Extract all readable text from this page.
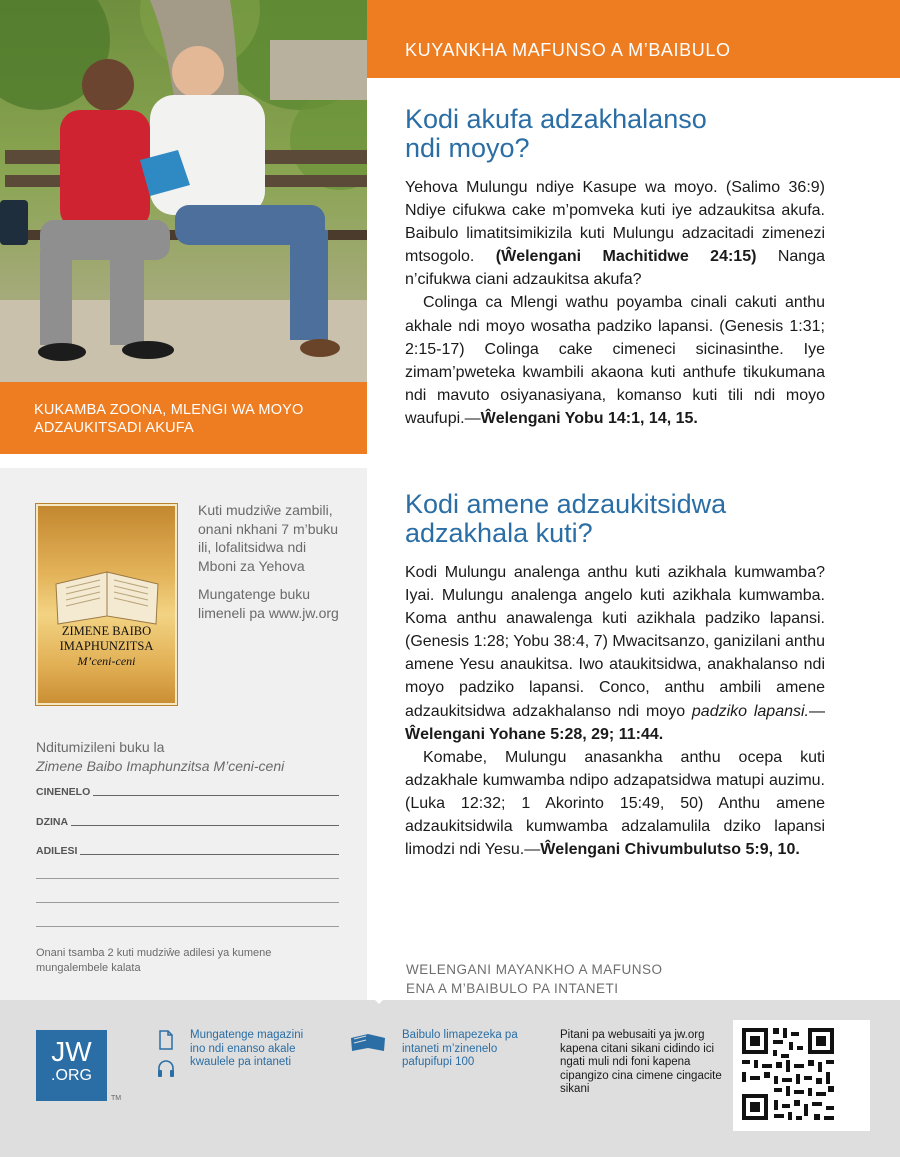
KUKAMBA ZOONA, MLENGI WA MOYO ADZAUKITSADI AKUFA
ZIMENE BAIBO
IMAPHUNZITSA
M’ceni-ceni

Kuti mudziŵe zambili, onani nkhani 7 m’buku ili, lofalitsidwa ndi Mboni za Yehova

Mungatenge buku limeneli pa www.jw.org

Nditumizileni buku la
Zimene Baibo Imaphunzitsa M’ceni-ceni
CINENELO
DZINA
ADILESI
Onani tsamba 2 kuti mudziŵe adilesi ya kumene mungalembele kalata
KUYANKHA MAFUNSO A M’BAIBULO
Kodi akufa adzakhalanso ndi moyo?

Yehova Mulungu ndiye Kasupe wa moyo. (Salimo 36:9) Ndiye cifukwa cake m’pomveka kuti iye adzaukitsa akufa. Baibulo limatitsimikizila kuti Mulungu adzacitadi zimenezi mtsogolo. (Ŵelengani Machitidwe 24:15) Nanga n’cifukwa ciani adzaukitsa akufa?

Colinga ca Mlengi wathu poyamba cinali cakuti anthu akhale ndi moyo wosatha padziko lapansi. (Genesis 1:31; 2:15-17) Colinga cake cimeneci sicinasinthe. Iye zimam’pweteka kwambili akaona kuti anthufe tikukumana ndi mavuto osiyanasiyana, komanso kuti tili ndi moyo waufupi.—Ŵelengani Yobu 14:1, 14, 15.

Kodi amene adzaukitsidwa adzakhala kuti?

Kodi Mulungu analenga anthu kuti azikhala kumwamba? Iyai. Mulungu analenga angelo kuti azikhala kumwamba. Koma anthu anawalenga kuti azikhala padziko lapansi. (Genesis 1:28; Yobu 38:4, 7) Mwacitsanzo, ganizilani anthu amene Yesu anaukitsa. Iwo ataukitsidwa, anakhalanso ndi moyo padziko lapansi. Conco, anthu ambili amene adzaukitsidwa adzakhalanso ndi moyo padziko lapansi.—Ŵelengani Yohane 5:28, 29; 11:44.

Komabe, Mulungu anasankha anthu ocepa kuti adzakhale kumwamba ndipo adzapatsidwa matupi auzimu. (Luka 12:32; 1 Akorinto 15:49, 50) Anthu amene adzaukitsidwila kumwamba adzalamulila dziko lapansi limodzi ndi Yesu.—Ŵelengani Chivumbulutso 5:9, 10.

WELENGANI MAYANKHO A MAFUNSO
ENA A M’BAIBULO PA INTANETI
JW
.ORG
TM
Mungatenge magazini ino ndi enanso akale kwaulele pa intaneti
Baibulo limapezeka pa intaneti m’zinenelo pafupifupi 100
Pitani pa webusaiti ya jw.org kapena citani sikani cidindo ici ngati muli ndi foni kapena cipangizo cina cimene cingacite sikani
